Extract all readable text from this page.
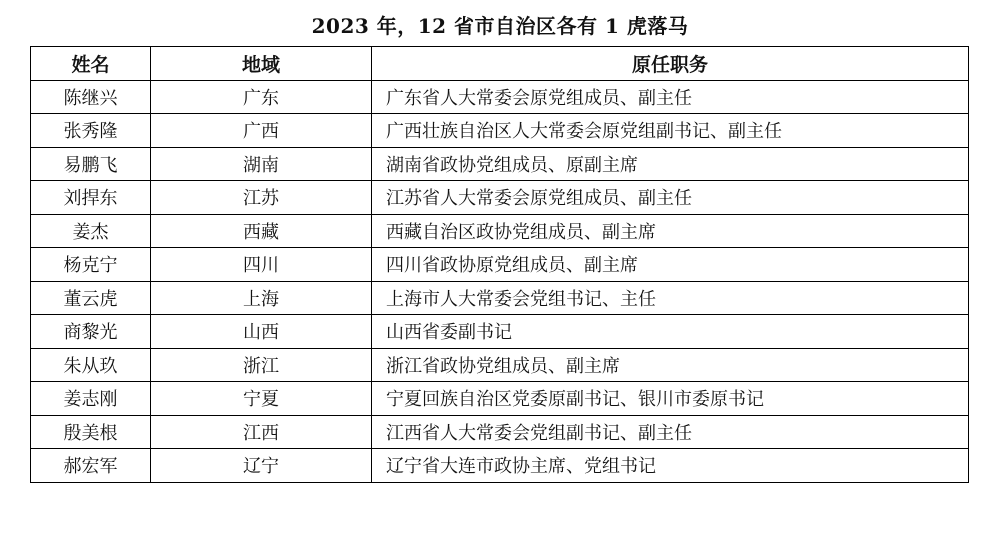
2023 年，12 省市自治区各有 1 虎落马
姓名	地域	原任职务
陈继兴	广东	广东省人大常委会原党组成员、副主任
张秀隆	广西	广西壮族自治区人大常委会原党组副书记、副主任
易鹏飞	湖南	湖南省政协党组成员、原副主席
刘捍东	江苏	江苏省人大常委会原党组成员、副主任
姜杰	西藏	西藏自治区政协党组成员、副主席
杨克宁	四川	四川省政协原党组成员、副主席
董云虎	上海	上海市人大常委会党组书记、主任
商黎光	山西	山西省委副书记
朱从玖	浙江	浙江省政协党组成员、副主席
姜志刚	宁夏	宁夏回族自治区党委原副书记、银川市委原书记
殷美根	江西	江西省人大常委会党组副书记、副主任
郝宏军	辽宁	辽宁省大连市政协主席、党组书记
